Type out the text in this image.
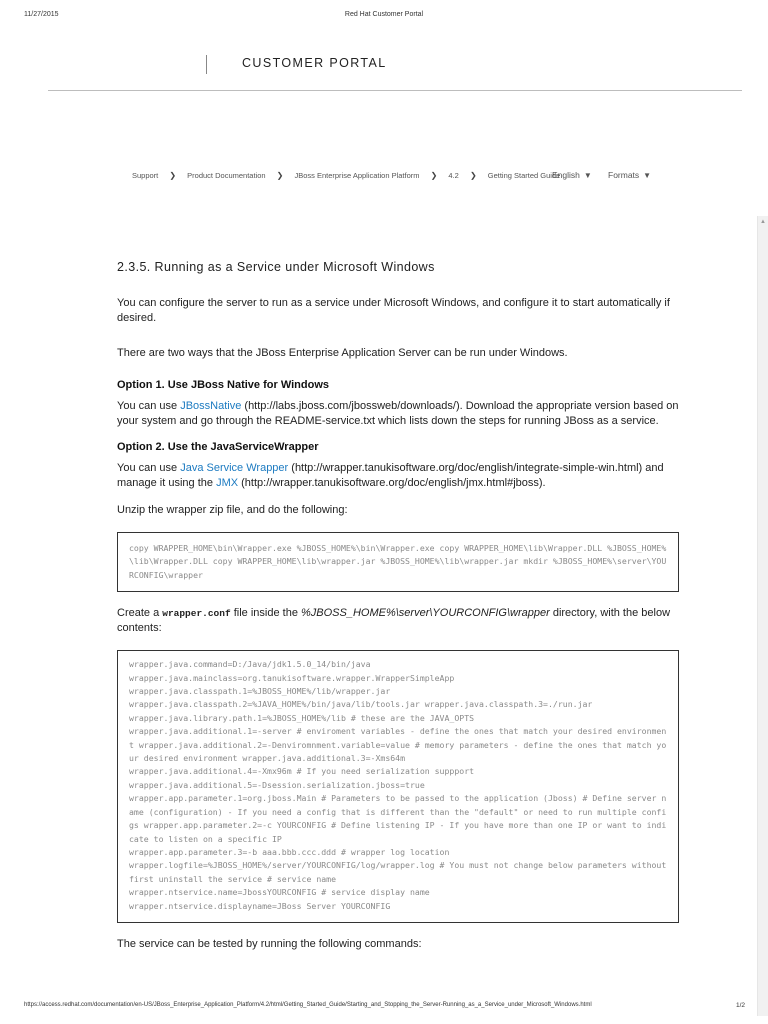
11/27/2015	Red Hat Customer Portal
CUSTOMER PORTAL
Support ❯ Product Documentation ❯ JBoss Enterprise Application Platform ❯ 4.2 ❯ Getting Started Guide
English ▼ Formats ▼
▲
2.3.5. Running as a Service under Microsoft Windows

You can configure the server to run as a service under Microsoft Windows, and configure it to start automatically if desired.

There are two ways that the JBoss Enterprise Application Server can be run under Windows.

Option 1. Use JBoss Native for Windows

You can use JBossNative (http://labs.jboss.com/jbossweb/downloads/). Download the appropriate version based on your system and go through the README-service.txt which lists down the steps for running JBoss as a service.

Option 2. Use the JavaServiceWrapper

You can use Java Service Wrapper (http://wrapper.tanukisoftware.org/doc/english/integrate-simple-win.html) and manage it using the JMX (http://wrapper.tanukisoftware.org/doc/english/jmx.html#jboss).

Unzip the wrapper zip file, and do the following:

copy WRAPPER_HOME\bin\Wrapper.exe %JBOSS_HOME%\bin\Wrapper.exe copy WRAPPER_HOME\lib\Wrapper.DLL %JBOSS_HOME%\lib\Wrapper.DLL copy WRAPPER_HOME\lib\wrapper.jar %JBOSS_HOME%\lib\wrapper.jar mkdir %JBOSS_HOME%\server\YOURCONFIG\wrapper

Create a wrapper.conf file inside the %JBOSS_HOME%\server\YOURCONFIG\wrapper directory, with the below contents:

wrapper.java.command=D:/Java/jdk1.5.0_14/bin/java
wrapper.java.mainclass=org.tanukisoftware.wrapper.WrapperSimpleApp
wrapper.java.classpath.1=%JBOSS_HOME%/lib/wrapper.jar
wrapper.java.classpath.2=%JAVA_HOME%/bin/java/lib/tools.jar wrapper.java.classpath.3=./run.jar
wrapper.java.library.path.1=%JBOSS_HOME%/lib # these are the JAVA_OPTS
wrapper.java.additional.1=-server # enviroment variables - define the ones that match your desired environment wrapper.java.additional.2=-Denviromnment.variable=value # memory parameters - define the ones that match your desired environment wrapper.java.additional.3=-Xms64m
wrapper.java.additional.4=-Xmx96m # If you need serialization suppport
wrapper.java.additional.5=-Dsession.serialization.jboss=true
wrapper.app.parameter.1=org.jboss.Main # Parameters to be passed to the application (Jboss) # Define server name (configuration) - If you need a config that is different than the "default" or need to run multiple configs wrapper.app.parameter.2=-c YOURCONFIG # Define listening IP - If you have more than one IP or want to indicate to listen on a specific IP
wrapper.app.parameter.3=-b aaa.bbb.ccc.ddd # wrapper log location
wrapper.logfile=%JBOSS_HOME%/server/YOURCONFIG/log/wrapper.log # You must not change below parameters without first uninstall the service # service name
wrapper.ntservice.name=JbossYOURCONFIG # service display name
wrapper.ntservice.displayname=JBoss Server YOURCONFIG

The service can be tested by running the following commands:

https://access.redhat.com/documentation/en-US/JBoss_Enterprise_Application_Platform/4.2/html/Getting_Started_Guide/Starting_and_Stopping_the_Server-Running_as_a_Service_under_Microsoft_Windows.html	1/2
